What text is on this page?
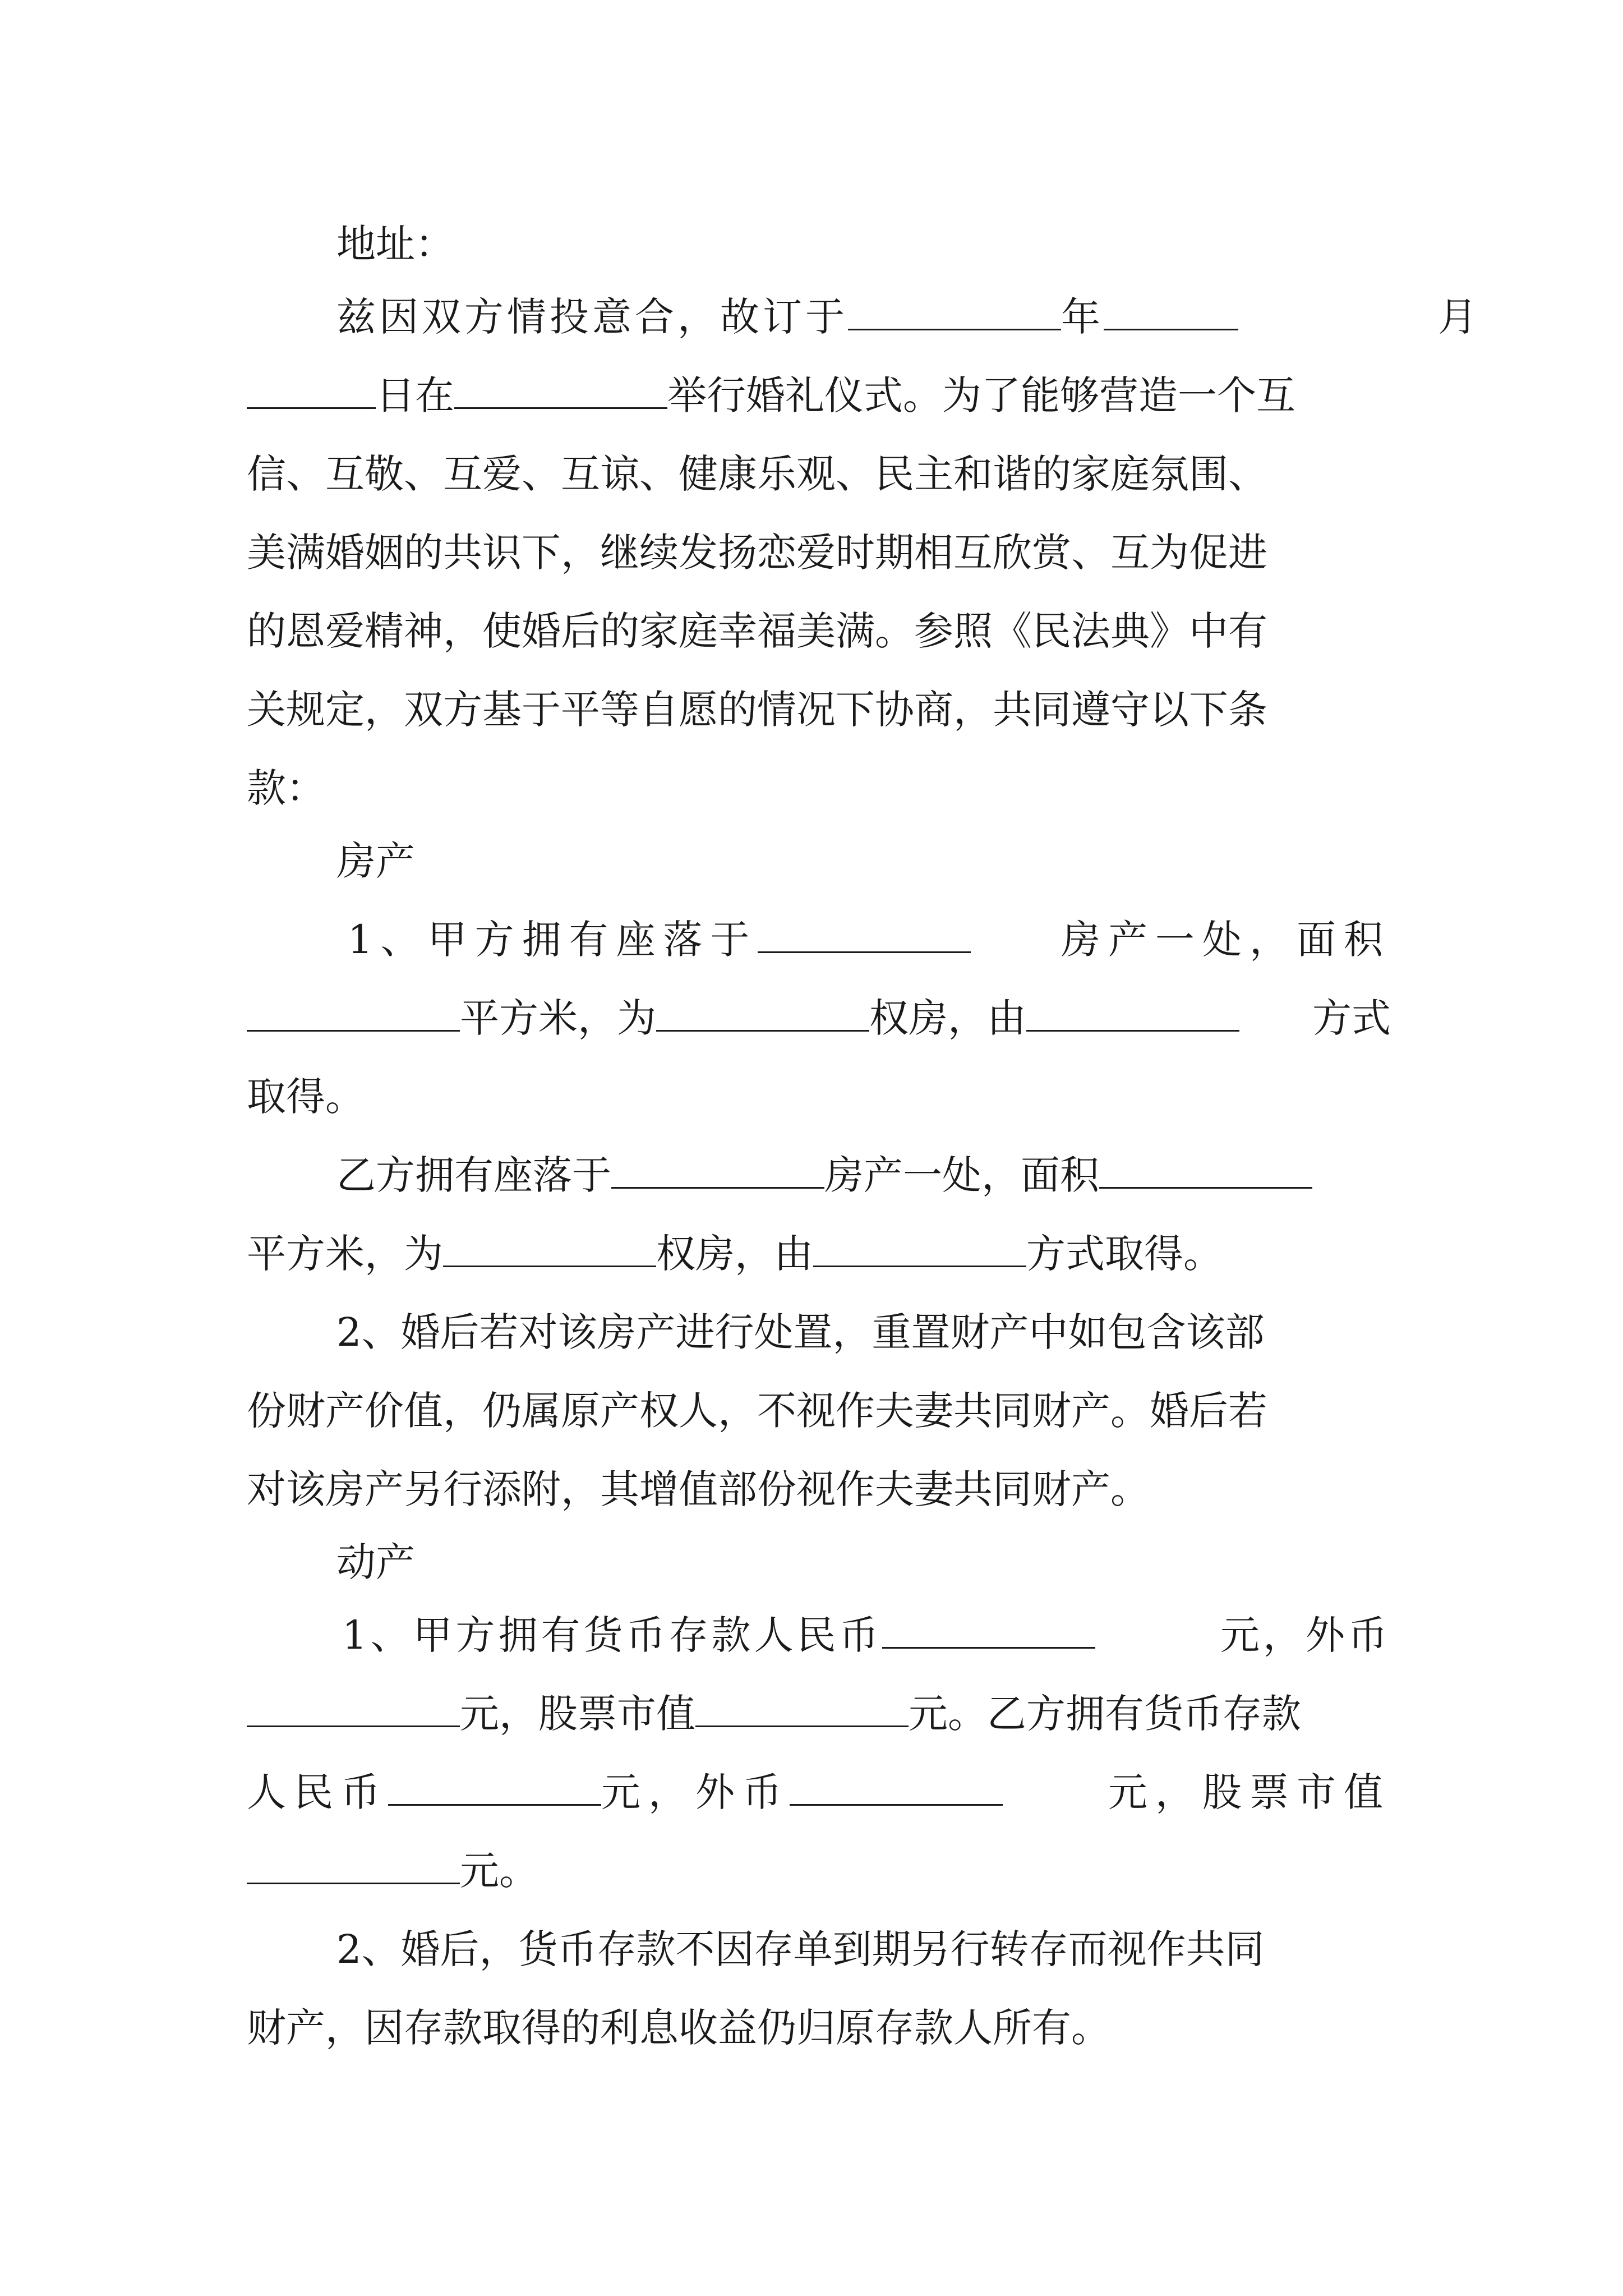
地址：
兹因双方情投意合，故订于	年	月
日在	举行婚礼仪式。为了能够营造一个互
信、互敬、互爱、互谅、健康乐观、民主和谐的家庭氛围、
美满婚姻的共识下，继续发扬恋爱时期相互欣赏、互为促进
的恩爱精神，使婚后的家庭幸福美满。参照《民法典》中有
关规定，双方基于平等自愿的情况下协商，共同遵守以下条
款：
房产
1、甲方拥有座落于	房产一处，面积
平方米，为	权房，由	方式
取得。
乙方拥有座落于	房产一处，面积
平方米，为	权房，由	方式取得。
2、婚后若对该房产进行处置，重置财产中如包含该部
份财产价值，仍属原产权人，不视作夫妻共同财产。婚后若
对该房产另行添附，其增值部份视作夫妻共同财产。
动产
1、甲方拥有货币存款人民币	元，外币
元，股票市值	元。乙方拥有货币存款
人民币	元，外币	元，股票市值
元。
2、婚后，货币存款不因存单到期另行转存而视作共同
财产，因存款取得的利息收益仍归原存款人所有。
